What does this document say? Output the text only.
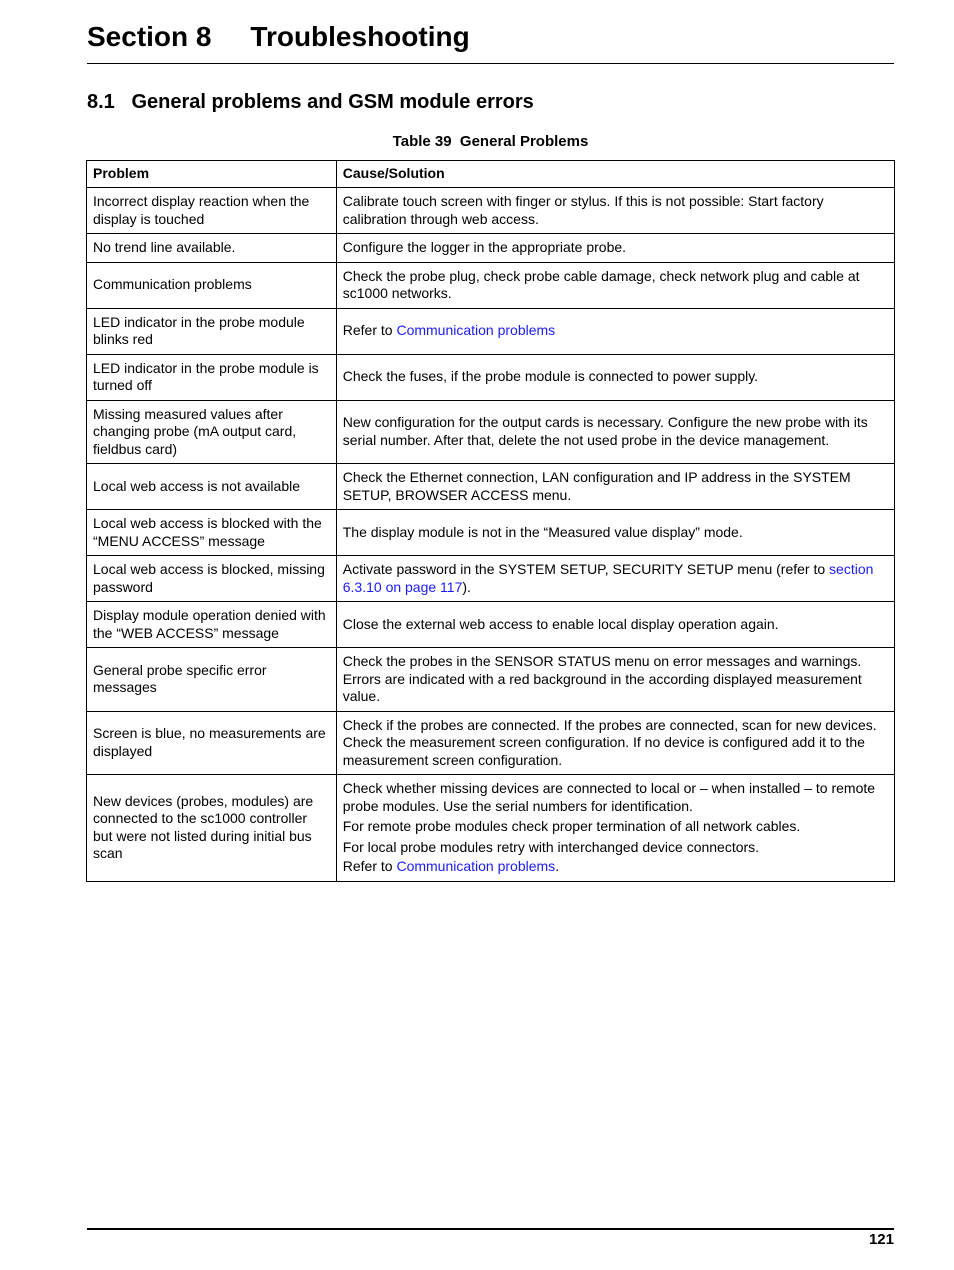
Section 8     Troubleshooting
8.1   General problems and GSM module errors
Table 39  General Problems
Problem	Cause/Solution
Incorrect display reaction when the display is touched	Calibrate touch screen with finger or stylus. If this is not possible: Start factory calibration through web access.

No trend line available.	Configure the logger in the appropriate probe.

Communication problems	Check the probe plug, check probe cable damage, check network plug and cable at sc1000 networks.

LED indicator in the probe module blinks red	Refer to Communication problems

LED indicator in the probe module is turned off	Check the fuses, if the probe module is connected to power supply.

Missing measured values after changing probe (mA output card, fieldbus card)	New configuration for the output cards is necessary. Configure the new probe with its serial number. After that, delete the not used probe in the device management.

Local web access is not available	Check the Ethernet connection, LAN configuration and IP address in the SYSTEM SETUP, BROWSER ACCESS menu.

Local web access is blocked with the “MENU ACCESS” message	The display module is not in the “Measured value display” mode.

Local web access is blocked, missing password	Activate password in the SYSTEM SETUP, SECURITY SETUP menu (refer to section 6.3.10 on page 117).

Display module operation denied with the “WEB ACCESS” message	Close the external web access to enable local display operation again.

General probe specific error messages	Check the probes in the SENSOR STATUS menu on error messages and warnings. Errors are indicated with a red background in the according displayed measurement value.

Screen is blue, no measurements are displayed	Check if the probes are connected. If the probes are connected, scan for new devices. Check the measurement screen configuration. If no device is configured add it to the measurement screen configuration.

New devices (probes, modules) are connected to the sc1000 controller but were not listed during initial bus scan	Check whether missing devices are connected to local or – when installed – to remote probe modules. Use the serial numbers for identification.

For remote probe modules check proper termination of all network cables.

For local probe modules retry with interchanged device connectors.

Refer to Communication problems.

121
